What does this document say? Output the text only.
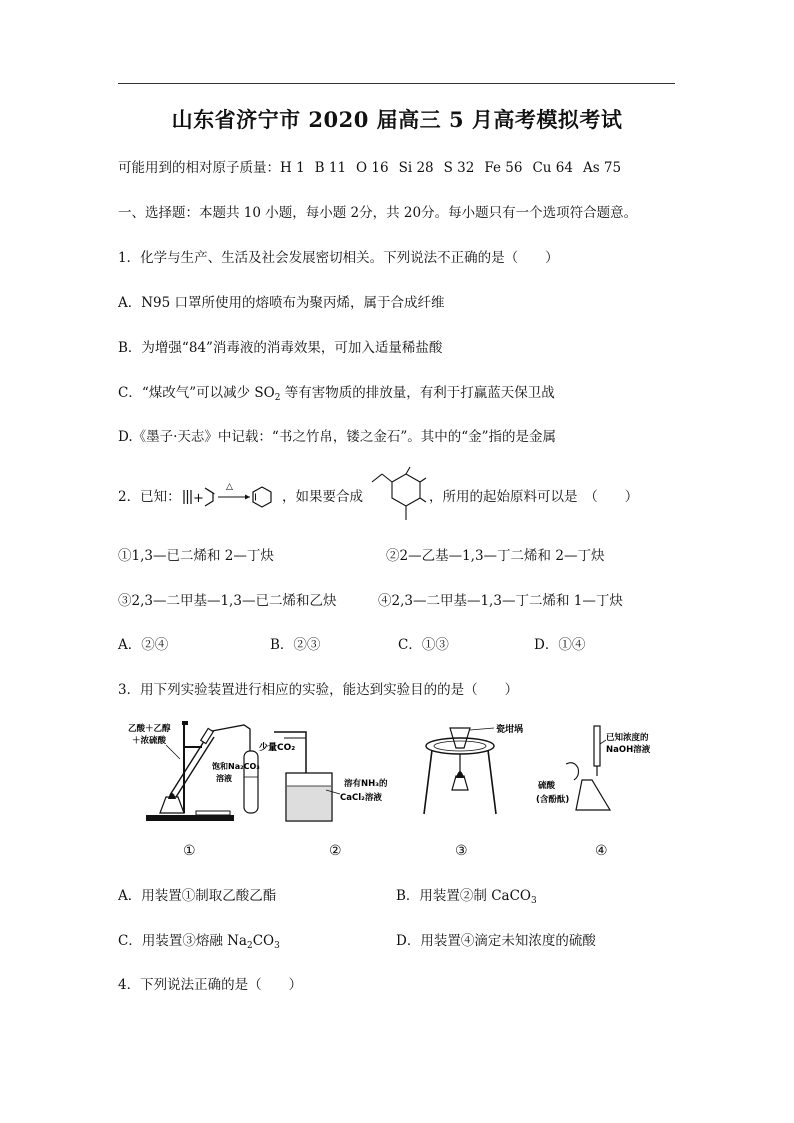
山东省济宁市 2020 届高三 5 月高考模拟考试
可能用到的相对原子质量：H 1 B 11 O 16 Si 28 S 32 Fe 56 Cu 64 As 75
一、选择题：本题共 10 小题，每小题 2分，共 20分。每小题只有一个选项符合题意。
1．化学与生产、生活及社会发展密切相关。下列说法不正确的是（　　）
A．N95 口罩所使用的熔喷布为聚丙烯，属于合成纤维
B．为增强“84”消毒液的消毒效果，可加入适量稀盐酸
C．“煤改气”可以减少 $SO_2$ 等有害物质的排放量，有利于打赢蓝天保卫战
D.《墨子·天志》中记载：“书之竹帛，镂之金石”。其中的“金”指的是金属
2．已知： +
△
，如果要合成	，所用的起始原料可以是　（　　）
①1,3—已二烯和 2—丁炔	②2—乙基—1,3—丁二烯和 2—丁炔
③2,3—二甲基—1,3—已二烯和乙炔	④2,3—二甲基—1,3—丁二烯和 1—丁炔
A．②④	B．②③	C．①③	D．①④
3．用下列实验装置进行相应的实验，能达到实验目的的是（　　）
乙酸＋乙醇
＋浓硫酸
饱和Na₂CO₃
溶液
少量CO₂
溶有NH₃的
CaCl₂溶液
瓷坩埚
已知浓度的
NaOH溶液
硫酸
(含酚酞)
①	②	③	④
A．用装置①制取乙酸乙酯	B．用装置②制 CaCO$_3$
C．用装置③熔融 $Na_2CO_3$	D．用装置④滴定未知浓度的硫酸
4．下列说法正确的是（　　）
